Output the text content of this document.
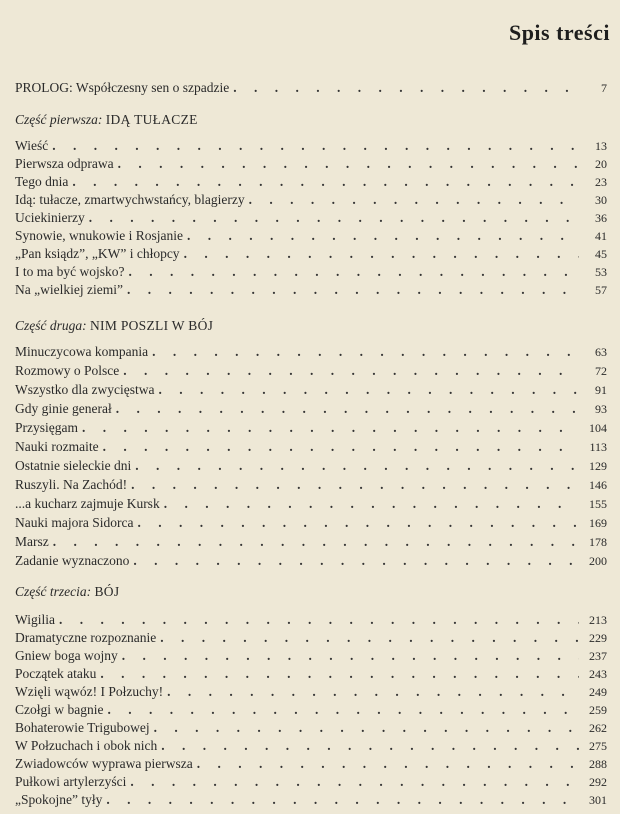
Spis treści
PROLOG: Współczesny sen o szpadzie . . .	7
Część pierwsza: IDĄ TUŁACZE
Wieść . . .	13
Pierwsza odprawa . . .	20
Tego dnia . . .	23
Idą: tułacze, zmartwychwstańcy, blagierzy . . .	30
Uciekinierzy . . .	36
Synowie, wnukowie i Rosjanie . . .	41
„Pan ksiądz”, „KW” i chłopcy . . .	45
I to ma być wojsko? . . .	53
Na „wielkiej ziemi” . . .	57
Część druga: NIM POSZLI W BÓJ
Minuczycowa kompania . . .	63
Rozmowy o Polsce . . .	72
Wszystko dla zwycięstwa . . .	91
Gdy ginie generał . . .	93
Przysięgam . . .	104
Nauki rozmaite . . .	113
Ostatnie sieleckie dni . . .	129
Ruszyli. Na Zachód! . . .	146
...a kucharz zajmuje Kursk . . .	155
Nauki majora Sidorca . . .	169
Marsz . . .	178
Zadanie wyznaczono . . .	200
Część trzecia: BÓJ
Wigilia . . .	213
Dramatyczne rozpoznanie . . .	229
Gniew boga wojny . . .	237
Początek ataku . . .	243
Wzięli wąwóz! I Połzuchy! . . .	249
Czołgi w bagnie . . .	259
Bohaterowie Trigubowej . . .	262
W Połzuchach i obok nich . . .	275
Zwiadowców wyprawa pierwsza . . .	288
Pułkowi artylerzyści . . .	292
„Spokojne” tyły . . .	301
